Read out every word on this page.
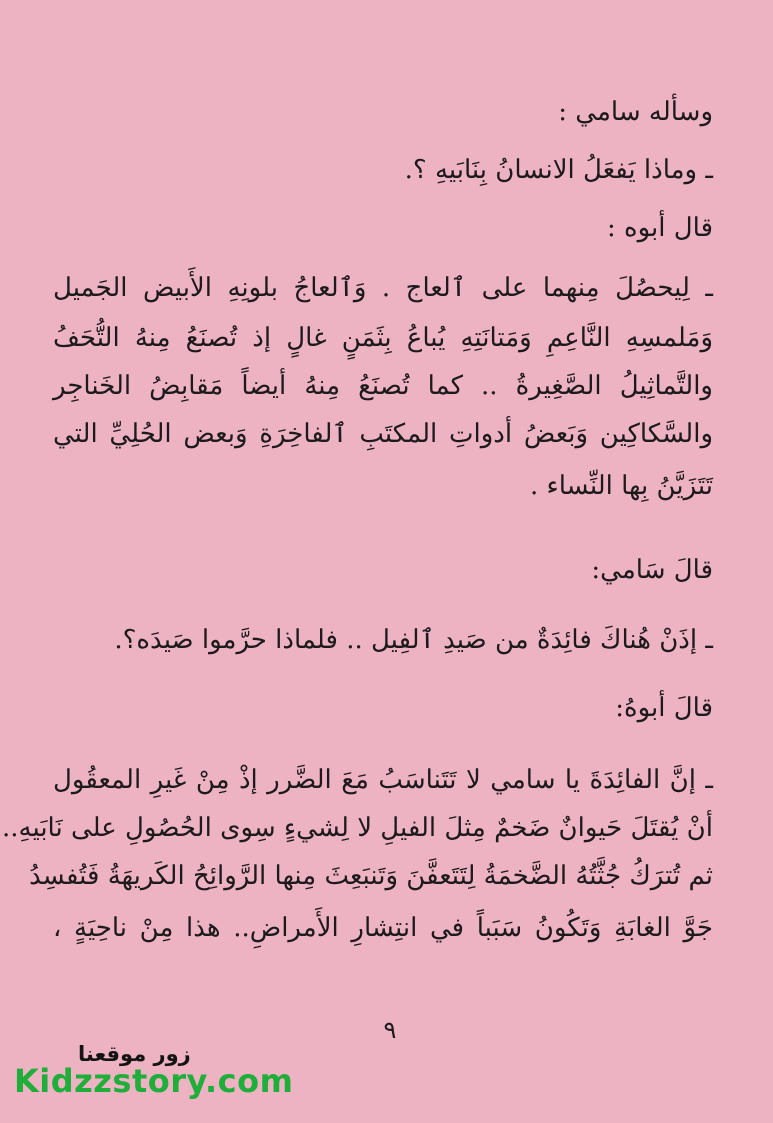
وسأله سامي :
ـ وماذا يَفعَلُ الانسانُ بِنَابَيهِ ؟.
قال أبوه :
ـ لِيحصُلَ مِنهما على ٱلعاج . وَٱلعاجُ بلونِهِ الأَبيض الجَميل
وَمَلمسِهِ النَّاعِمِ وَمَتانَتِهِ يُباعُ بِثَمَنٍ غالٍ إذ تُصنَعُ مِنهُ التُّحَفُ
والتَّماثِيلُ الصَّغِيرةُ .. كما تُصنَعُ مِنهُ أيضاً مَقابِضُ الخَناجِر
والسَّكاكِين وَبَعضُ أدواتِ المكتَبِ ٱلفاخِرَةِ وَبعض الحُلِيِّ التي
تَتَزَيَّنُ بِها النِّساء .
قالَ سَامي:
ـ إذَنْ هُناكَ فائِدَةٌ من صَيدِ ٱلفِيل .. فلماذا حرَّموا صَيدَه؟.
قالَ أبوهُ:
ـ إنَّ الفائِدَةَ يا سامي لا تَتَناسَبُ مَعَ الضَّرر إذْ مِنْ غَيرِ المعقُول
أنْ يُقتَلَ حَيوانٌ ضَخمٌ مِثلَ الفيلِ لا لِشيءٍ سِوى الحُصُولِ على نَابَيهِ..
ثم تُترَكُ جُثَّتُهُ الضَّخمَةُ لِتَتَعفَّنَ وَتَنبَعِثَ مِنها الرَّوائِحُ الكَريهَةُ فَتُفسِدُ
جَوَّ الغابَةِ وَتَكُونُ سَبَباً في انتِشارِ الأَمراضِ.. هذا مِنْ ناحِيَةٍ ،
٩
زور موقعنا
Kidzzstory.com
